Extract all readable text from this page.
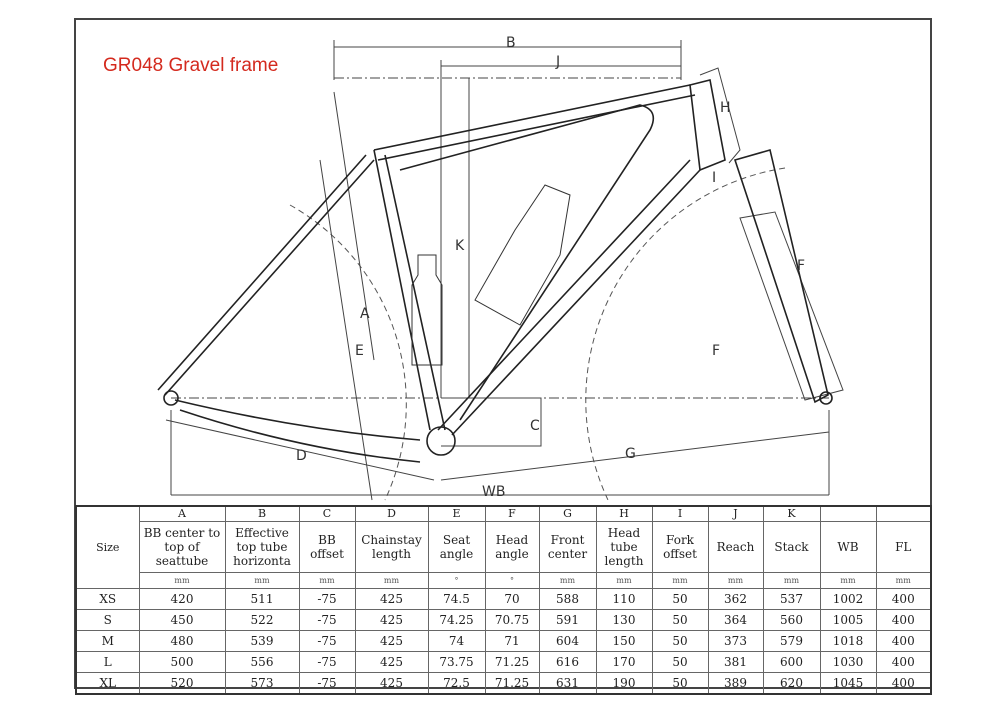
B
J
H
K
A
E	F
F
I
C
D	G
WB
GR048 Gravel frame
Size	A	B	C	D	E	F	G	H	I	J	K		
	BB center to top of seattube	Effective top tube horizonta	BB offset	Chainstay length	Seat angle	Head angle	Front center	Head tube length	Fork offset	Reach	Stack	WB	FL
	mm	mm	mm	mm	°	°	mm	mm	mm	mm	mm	mm	mm
XS	420	511	-75	425	74.5	70	588	110	50	362	537	1002	400
S	450	522	-75	425	74.25	70.75	591	130	50	364	560	1005	400
M	480	539	-75	425	74	71	604	150	50	373	579	1018	400
L	500	556	-75	425	73.75	71.25	616	170	50	381	600	1030	400
XL	520	573	-75	425	72.5	71.25	631	190	50	389	620	1045	400
